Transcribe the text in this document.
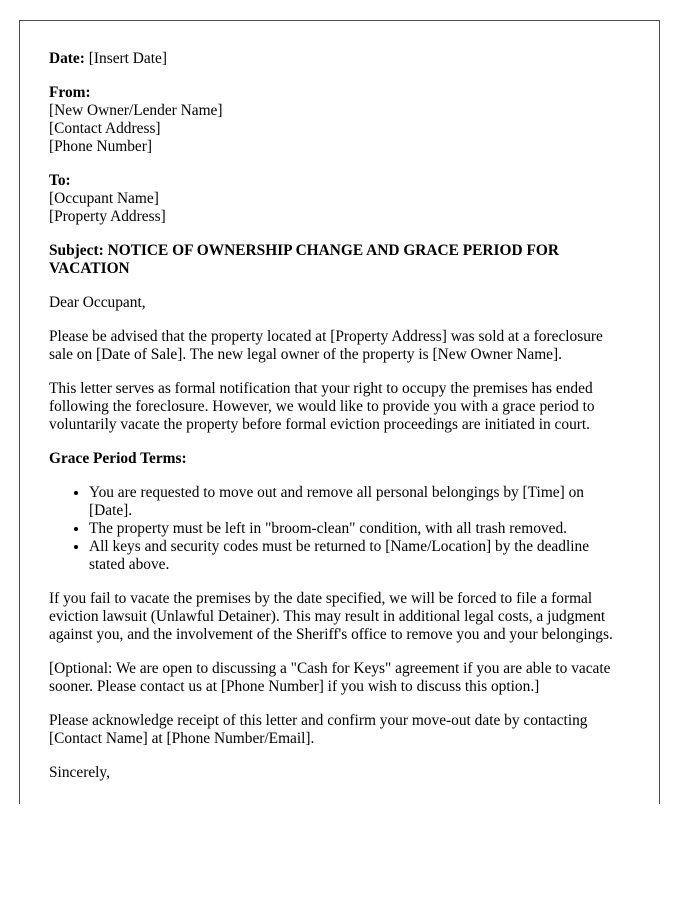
Date: [Insert Date]
From:
[New Owner/Lender Name]
[Contact Address]
[Phone Number]
To:
[Occupant Name]
[Property Address]
Subject: NOTICE OF OWNERSHIP CHANGE AND GRACE PERIOD FOR VACATION

Dear Occupant,

Please be advised that the property located at [Property Address] was sold at a foreclosure sale on [Date of Sale]. The new legal owner of the property is [New Owner Name].

This letter serves as formal notification that your right to occupy the premises has ended following the foreclosure. However, we would like to provide you with a grace period to voluntarily vacate the property before formal eviction proceedings are initiated in court.

Grace Period Terms:

• You are requested to move out and remove all personal belongings by [Time] on [Date].
• The property must be left in "broom-clean" condition, with all trash removed.
• All keys and security codes must be returned to [Name/Location] by the deadline stated above.

If you fail to vacate the premises by the date specified, we will be forced to file a formal eviction lawsuit (Unlawful Detainer). This may result in additional legal costs, a judgment against you, and the involvement of the Sheriff's office to remove you and your belongings.

[Optional: We are open to discussing a "Cash for Keys" agreement if you are able to vacate sooner. Please contact us at [Phone Number] if you wish to discuss this option.]

Please acknowledge receipt of this letter and confirm your move-out date by contacting [Contact Name] at [Phone Number/Email].

Sincerely,
